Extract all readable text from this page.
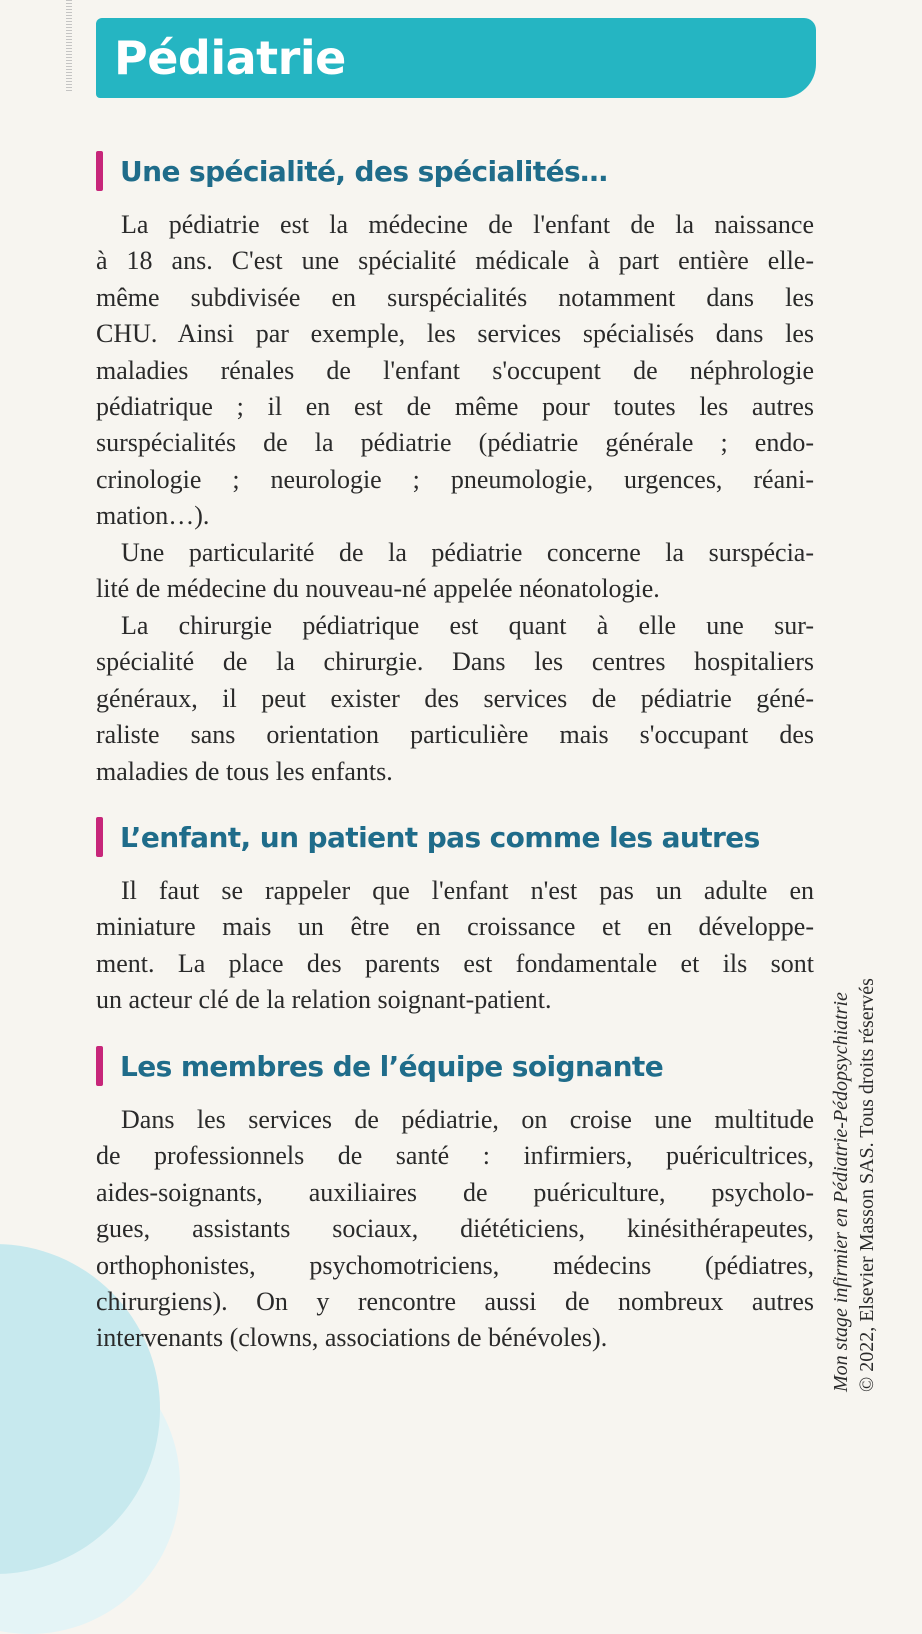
Pédiatrie
Une spécialité, des spécialités…

La pédiatrie est la médecine de l'enfant de la naissance
à 18 ans. C'est une spécialité médicale à part entière elle-
même subdivisée en surspécialités notamment dans les
CHU. Ainsi par exemple, les services spécialisés dans les
maladies rénales de l'enfant s'occupent de néphrologie
pédiatrique ; il en est de même pour toutes les autres
surspécialités de la pédiatrie (pédiatrie générale ; endo-
crinologie ; neurologie ; pneumologie, urgences, réani-
mation…).

Une particularité de la pédiatrie concerne la surspécia-
lité de médecine du nouveau-né appelée néonatologie.

La chirurgie pédiatrique est quant à elle une sur-
spécialité de la chirurgie. Dans les centres hospitaliers
généraux, il peut exister des services de pédiatrie géné-
raliste sans orientation particulière mais s'occupant des
maladies de tous les enfants.

L’enfant, un patient pas comme les autres

Il faut se rappeler que l'enfant n'est pas un adulte en
miniature mais un être en croissance et en développe-
ment. La place des parents est fondamentale et ils sont
un acteur clé de la relation soignant-patient.

Les membres de l’équipe soignante

Dans les services de pédiatrie, on croise une multitude
de professionnels de santé : infirmiers, puéricultrices,
aides-soignants, auxiliaires de puériculture, psycholo-
gues, assistants sociaux, diététiciens, kinésithérapeutes,
orthophonistes, psychomotriciens, médecins (pédiatres,
chirurgiens). On y rencontre aussi de nombreux autres
intervenants (clowns, associations de bénévoles).	Mon stage infirmier en Pédiatrie-Pédopsychiatrie © 2022, Elsevier Masson SAS. Tous droits réservés
